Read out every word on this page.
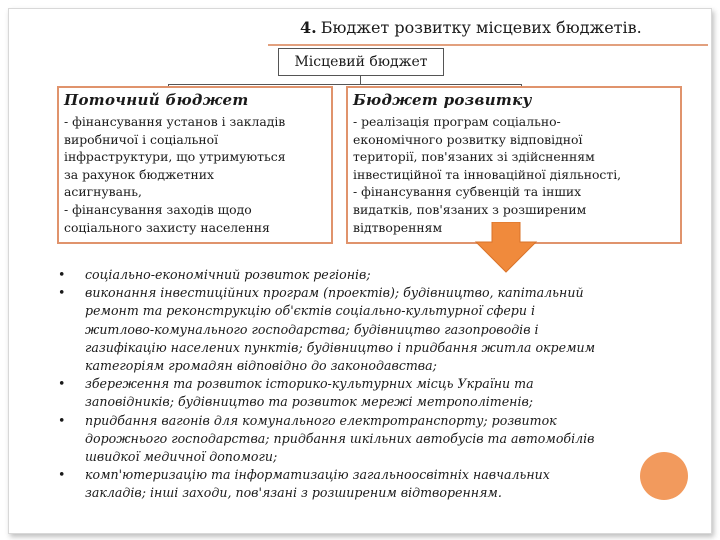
4. Бюджет розвитку місцевих бюджетів.
Місцевий бюджет
Поточний бюджет

- фінансування установ і закладів
виробничої і соціальної
інфраструктури, що утримуються
за рахунок бюджетних
асигнувань,
- фінансування заходів щодо
соціального захисту населення

Бюджет розвитку

- реалізація програм соціально-
економічного розвитку відповідної
території, пов'язаних зі здійсненням
інвестиційної та інноваційної діяльності,
- фінансування субвенцій та інших
видатків, пов'язаних з розширеним
відтворенням

• соціально-економічний розвиток регіонів;
• виконання інвестиційних програм (проектів); будівництво, капітальний
ремонт та реконструкцію об'єктів соціально-культурної сфери і
житлово-комунального господарства; будівництво газопроводів і
газифікацію населених пунктів; будівництво і придбання житла окремим
категоріям громадян відповідно до законодавства;
• збереження та розвиток історико-культурних місць України та
заповідників; будівництво та розвиток мережі метрополітенів;
• придбання вагонів для комунального електротранспорту; розвиток
дорожнього господарства; придбання шкільних автобусів та автомобілів
швидкої медичної допомоги;
• комп'ютеризацію та інформатизацію загальноосвітніх навчальних
закладів; інші заходи, пов'язані з розширеним відтворенням.
